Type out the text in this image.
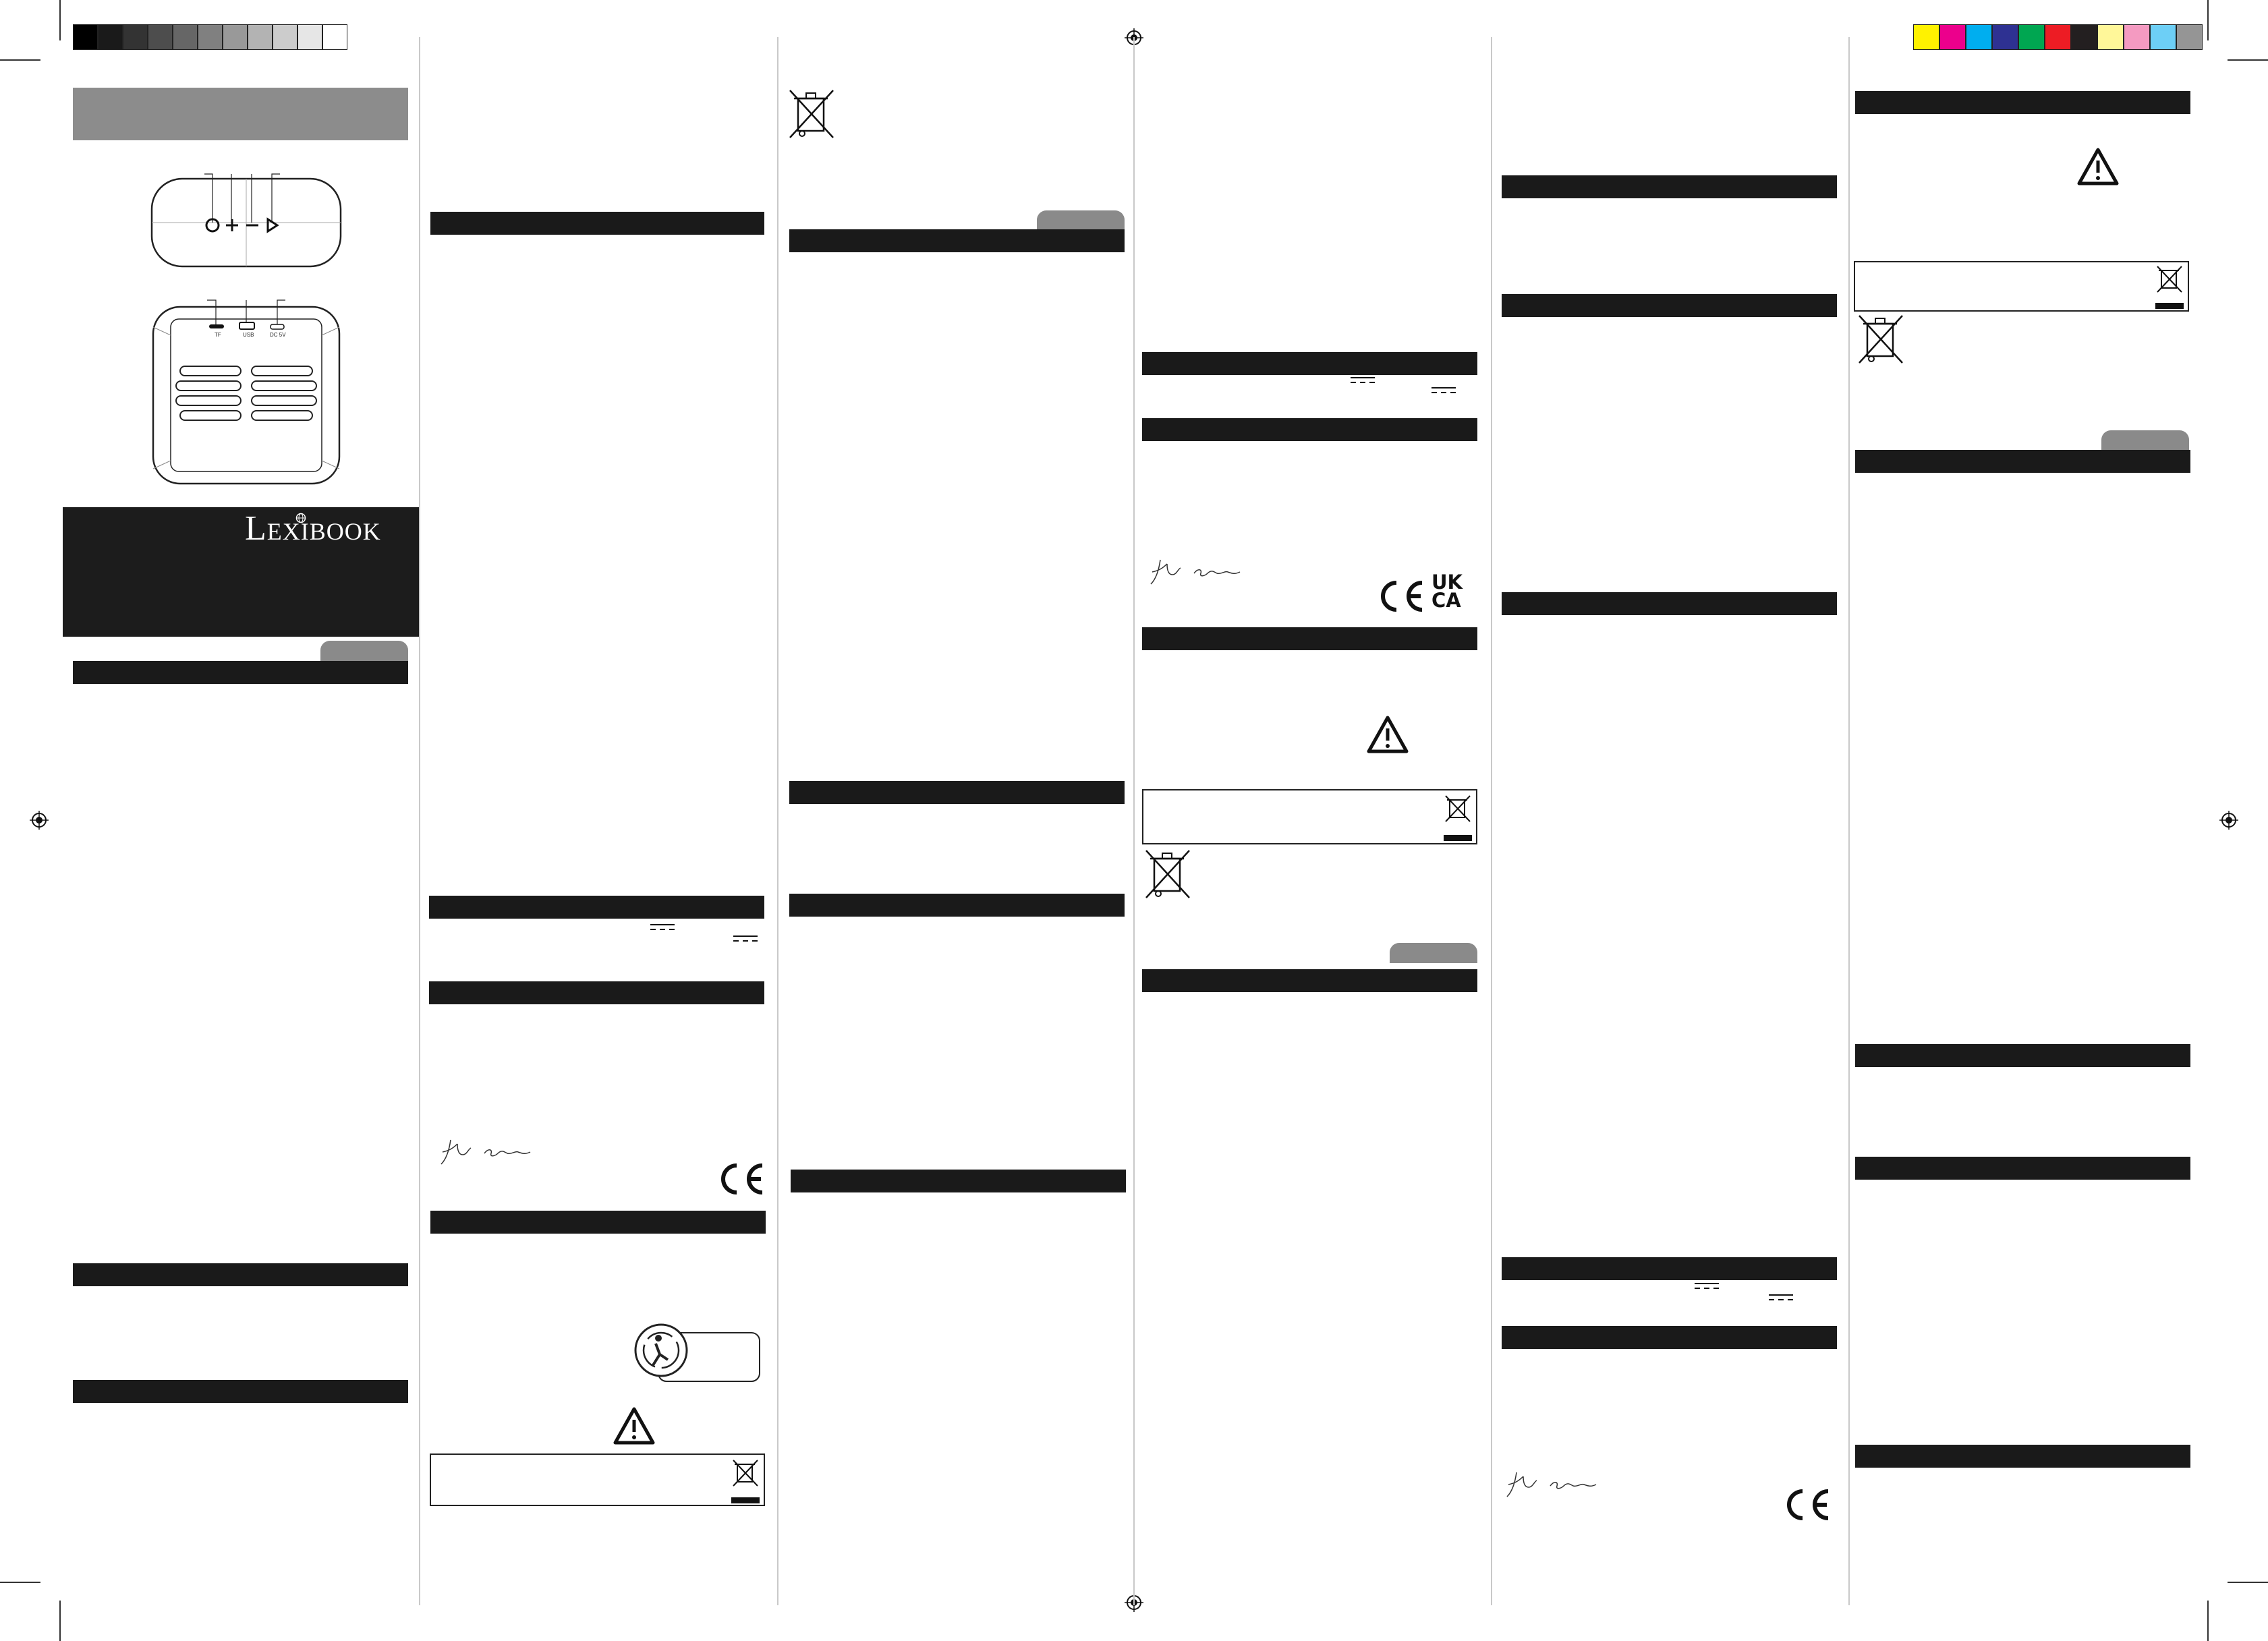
TF	USB	DC 5V
Lexibook
UK
CA
